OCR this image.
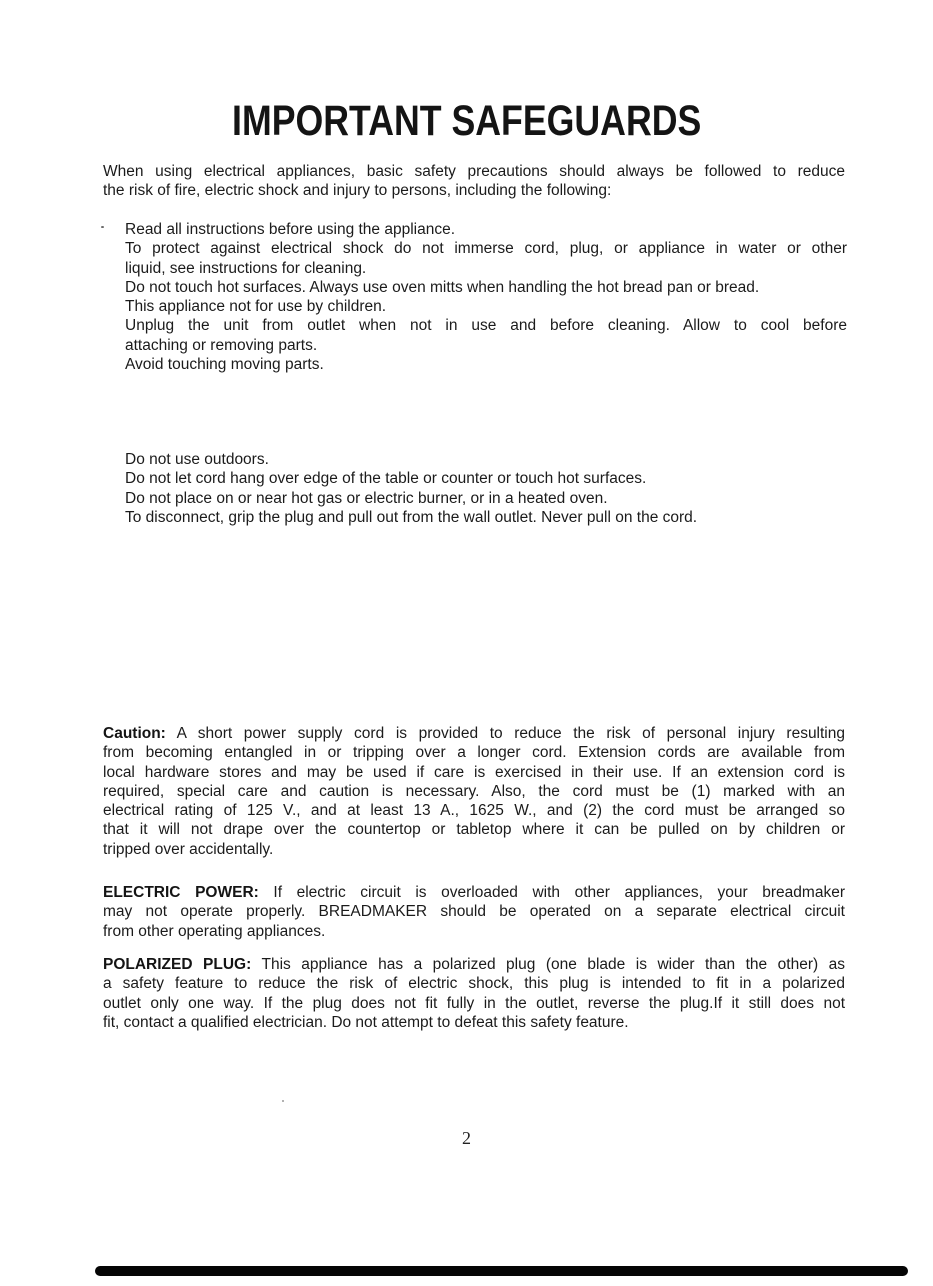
IMPORTANT SAFEGUARDS
When using electrical appliances, basic safety precautions should always be followed to reduce
the risk of fire, electric shock and injury to persons, including the following:
Read all instructions before using the appliance.
To protect against electrical shock do not immerse cord, plug, or appliance in water or other
liquid, see instructions for cleaning.
Do not touch hot surfaces. Always use oven mitts when handling the hot bread pan or bread.
This appliance not for use by children.
Unplug the unit from outlet when not in use and before cleaning. Allow to cool before
attaching or removing parts.
Avoid touching moving parts.
Do not use outdoors.
Do not let cord hang over edge of the table or counter or touch hot surfaces.
Do not place on or near hot gas or electric burner, or in a heated oven.
To disconnect, grip the plug and pull out from the wall outlet. Never pull on the cord.
Caution: A short power supply cord is provided to reduce the risk of personal injury resulting
from becoming entangled in or tripping over a longer cord. Extension cords are available from
local hardware stores and may be used if care is exercised in their use. If an extension cord is
required, special care and caution is necessary. Also, the cord must be (1) marked with an
electrical rating of 125 V., and at least 13 A., 1625 W., and (2) the cord must be arranged so
that it will not drape over the countertop or tabletop where it can be pulled on by children or
tripped over accidentally.
ELECTRIC POWER: If electric circuit is overloaded with other appliances, your breadmaker
may not operate properly. BREADMAKER should be operated on a separate electrical circuit
from other operating appliances.
POLARIZED PLUG: This appliance has a polarized plug (one blade is wider than the other) as
a safety feature to reduce the risk of electric shock, this plug is intended to fit in a polarized
outlet only one way. If the plug does not fit fully in the outlet, reverse the plug.If it still does not
fit, contact a qualified electrician. Do not attempt to defeat this safety feature.
2
